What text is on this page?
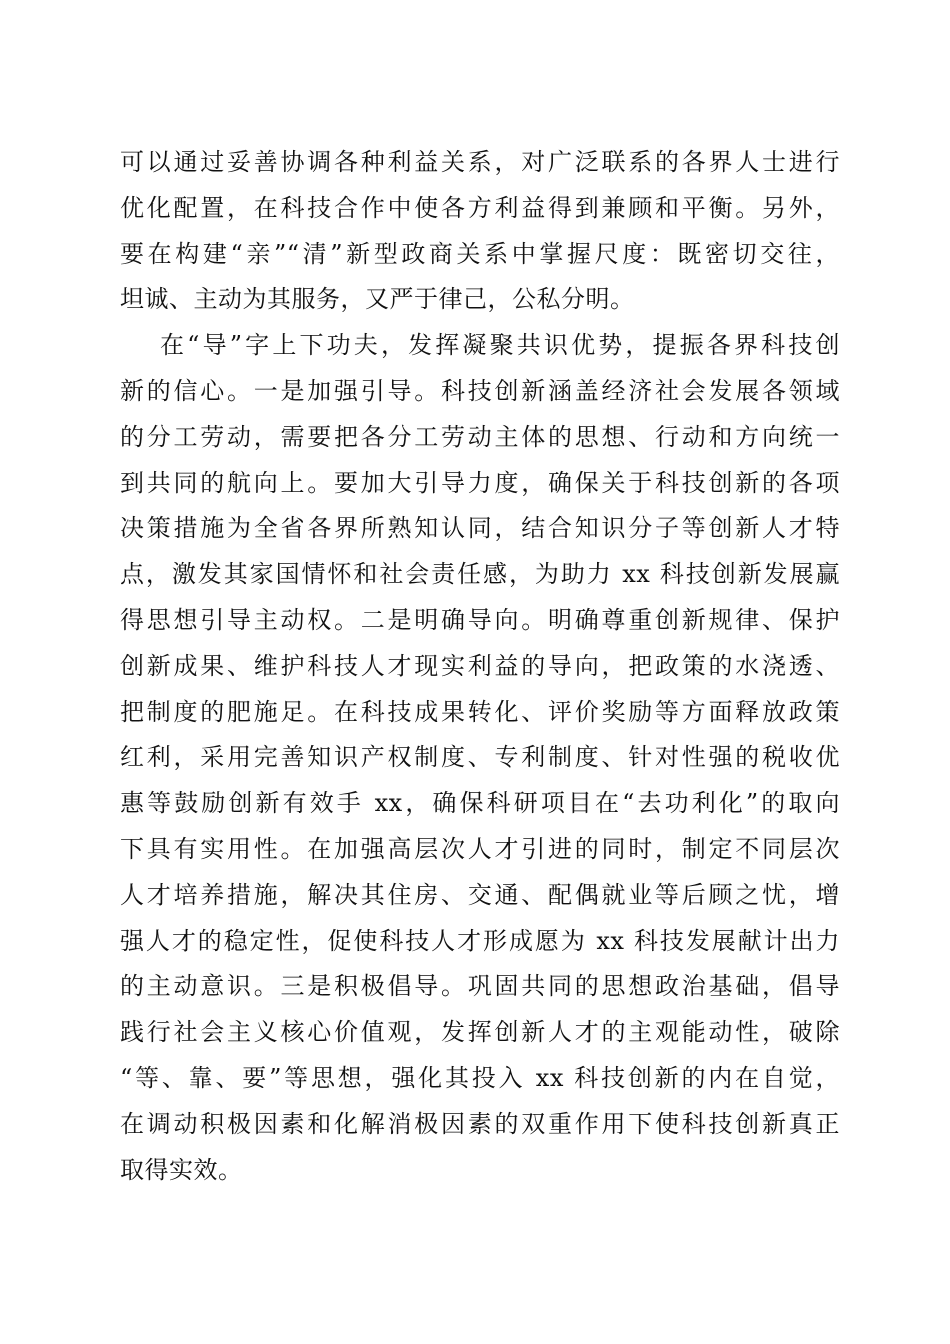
可以通过妥善协调各种利益关系，对广泛联系的各界人士进行
优化配置，在科技合作中使各方利益得到兼顾和平衡。另外，
要在构建“亲”“清”新型政商关系中掌握尺度：既密切交往，
坦诚、主动为其服务，又严于律己，公私分明。
在“导”字上下功夫，发挥凝聚共识优势，提振各界科技创
新的信心。一是加强引导。科技创新涵盖经济社会发展各领域
的分工劳动，需要把各分工劳动主体的思想、行动和方向统一
到共同的航向上。要加大引导力度，确保关于科技创新的各项
决策措施为全省各界所熟知认同，结合知识分子等创新人才特
点，激发其家国情怀和社会责任感，为助力 xx 科技创新发展赢
得思想引导主动权。二是明确导向。明确尊重创新规律、保护
创新成果、维护科技人才现实利益的导向，把政策的水浇透、
把制度的肥施足。在科技成果转化、评价奖励等方面释放政策
红利，采用完善知识产权制度、专利制度、针对性强的税收优
惠等鼓励创新有效手 xx，确保科研项目在“去功利化”的取向
下具有实用性。在加强高层次人才引进的同时，制定不同层次
人才培养措施，解决其住房、交通、配偶就业等后顾之忧，增
强人才的稳定性，促使科技人才形成愿为 xx 科技发展献计出力
的主动意识。三是积极倡导。巩固共同的思想政治基础，倡导
践行社会主义核心价值观，发挥创新人才的主观能动性，破除
“等、靠、要”等思想，强化其投入 xx 科技创新的内在自觉，
在调动积极因素和化解消极因素的双重作用下使科技创新真正
取得实效。
